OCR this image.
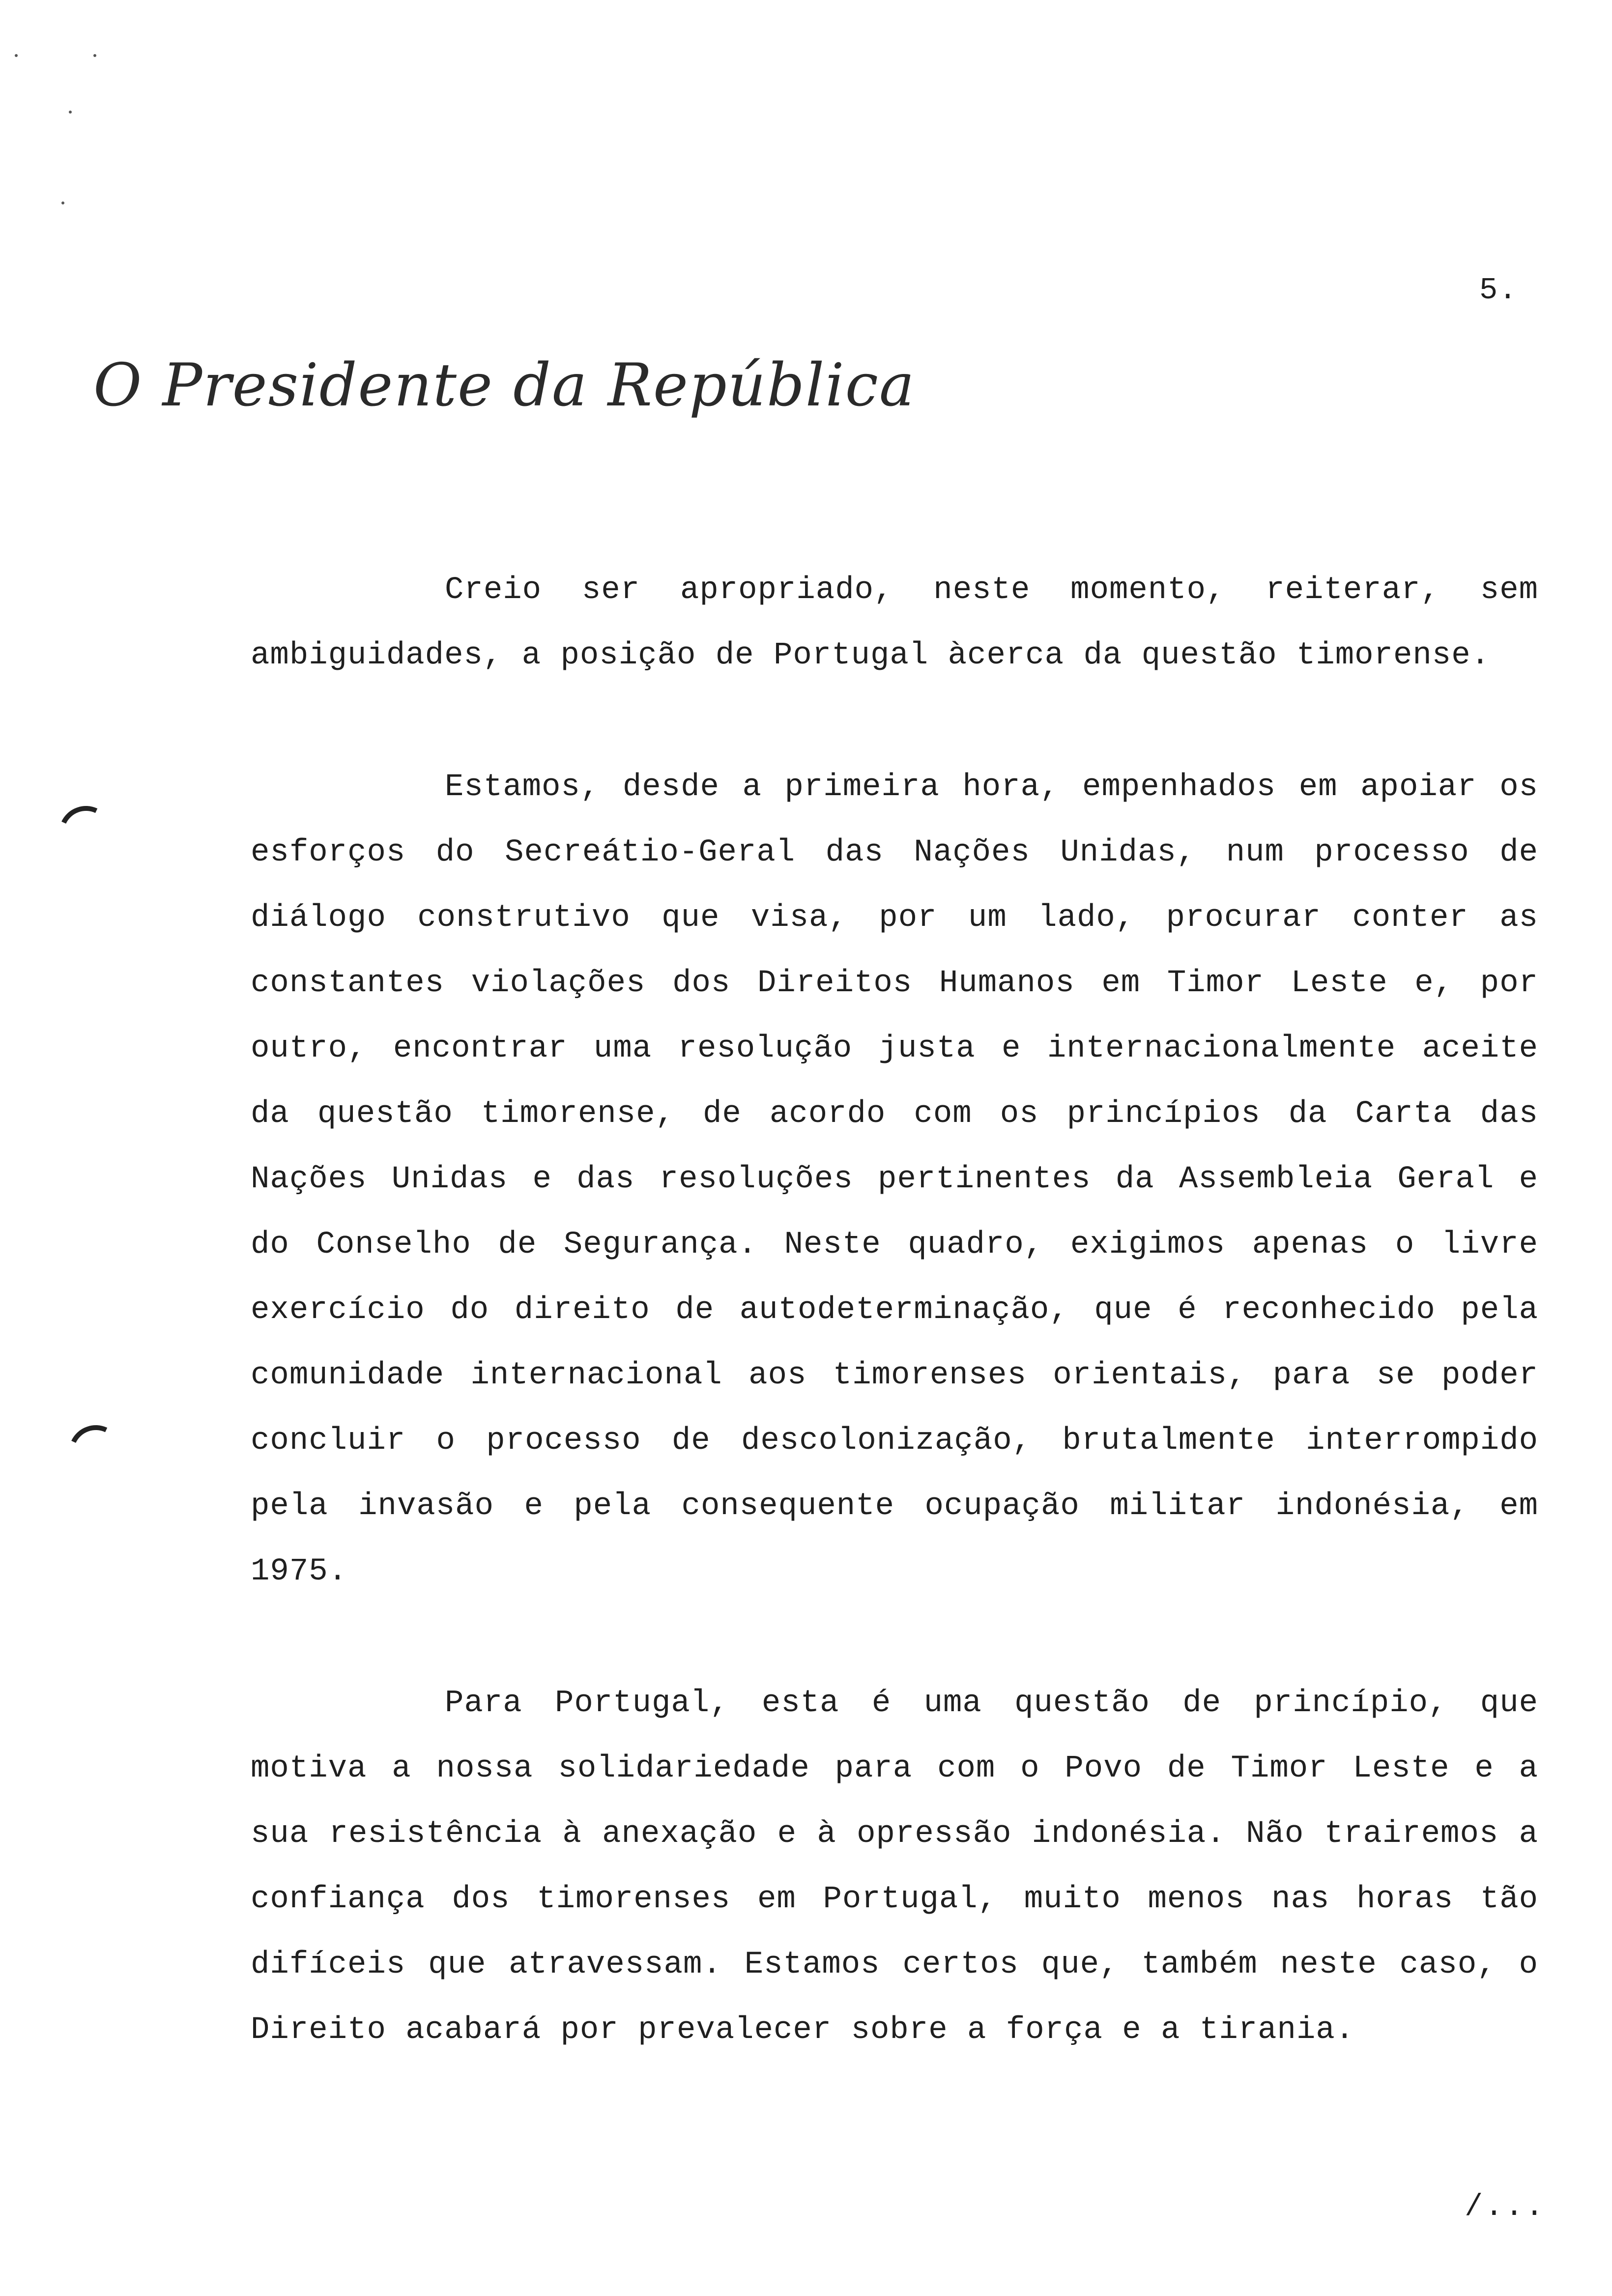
5.
O Presidente da República

Creio ser apropriado, neste momento, reiterar, sem ambiguidades, a posição de Portugal àcerca da questão timorense.

Estamos, desde a primeira hora, empenhados em apoiar os esforços do Secreátio-Geral das Nações Unidas, num processo de diálogo construtivo que visa, por um lado, procurar conter as constantes violações dos Direitos Humanos em Timor Leste e, por outro, encontrar uma resolução justa e internacionalmente aceite da questão timorense, de acordo com os princípios da Carta das Nações Unidas e das resoluções pertinentes da Assembleia Geral e do Conselho de Segurança. Neste quadro, exigimos apenas o livre exercício do direito de autodeterminação, que é reconhecido pela comunidade internacional aos timorenses orientais, para se poder concluir o processo de descolonização, brutalmente interrompido pela invasão e pela consequente ocupação militar indonésia, em 1975.

Para Portugal, esta é uma questão de princípio, que motiva a nossa solidariedade para com o Povo de Timor Leste e a sua resistência à anexação e à opressão indonésia. Não trairemos a confiança dos timorenses em Portugal, muito menos nas horas tão difíceis que atravessam. Estamos certos que, também neste caso, o Direito acabará por prevalecer sobre a força e a tirania.

/...
